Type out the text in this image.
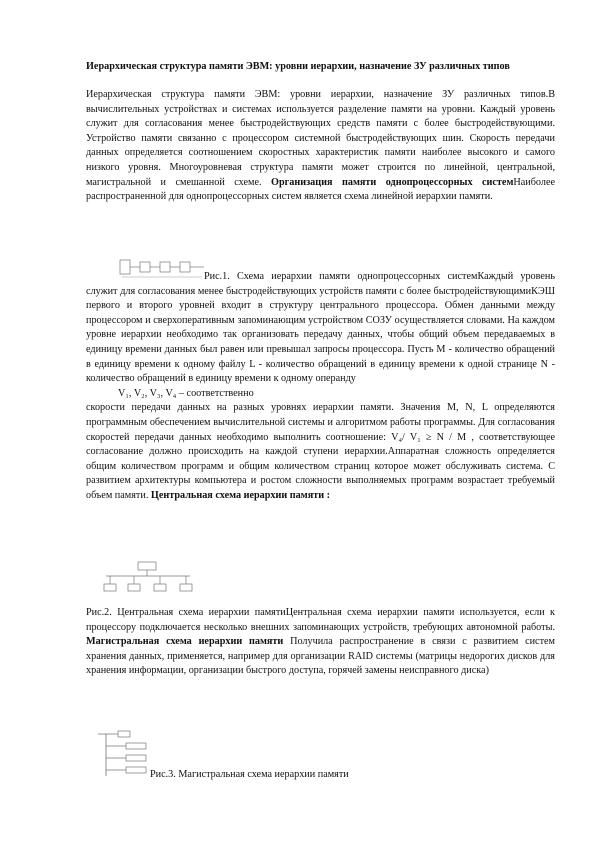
Иерархическая структура памяти ЭВМ: уровни иерархии, назначение ЗУ различных типов
Иерархическая структура памяти ЭВМ: уровни иерархии, назначение ЗУ различных типов.В вычислительных устройствах и системах используется разделение памяти на уровни. Каждый уровень служит для согласования менее быстродействующих средств памяти с более быстродействующими. Устройство памяти связанно с процессором системной быстродействующих шин. Скорость передачи данных определяется соотношением скоростных характеристик памяти наиболее высокого и самого низкого уровня. Многоуровневая структура памяти может строится по линейной, центральной, магистральной и смешанной схеме. Организация памяти однопроцессорных системНаиболее распространенной для однопроцессорных систем является схема линейной иерархии памяти.
Рис.1. Схема иерархии памяти однопроцессорных системКаждый уровень служит для согласования менее быстродействующих устройств памяти с более быстродействующимиКЭШ первого и второго уровней входит в структуру центрального процессора. Обмен данными между процессором и сверхоперативным запоминающим устройством СОЗУ осуществляется словами. На каждом уровне иерархии необходимо так организовать передачу данных, чтобы общий объем передаваемых в единицу времени данных был равен или превышал запросы процессора. Пусть M - количество обращений в единицу времени к одному файлу L - количество обращений в единицу времени к одной странице N - количество обращений в единицу времени к одному операнду
V₁, V₂, V₃, V₄ – соответственно
скорости передачи данных на разных уровнях иерархии памяти. Значения M, N, L определяются программным обеспечением вычислительной системы и алгоритмом работы программы. Для согласования скоростей передачи данных необходимо выполнить соотношение: V₄/ V₁ ≥ N / M , соответствующее согласование должно происходить на каждой ступени иерархии.Аппаратная сложность определяется общим количеством программ и общим количеством страниц которое может обслуживать система. С развитием архитектуры компьютера и ростом сложности выполняемых программ возрастает требуемый объем памяти. Центральная схема иерархии памяти :
Рис.2. Центральная схема иерархии памятиЦентральная схема иерархии памяти используется, если к процессору подключается несколько внешних запоминающих устройств, требующих автономной работы. Магистральная схема иерархии памяти Получила распространение в связи с развитием систем хранения данных, применяется, например для организации RAID системы (матрицы недорогих дисков для хранения информации, организации быстрого доступа, горячей замены неисправного диска)
Рис.3. Магистральная схема иерархии памяти
